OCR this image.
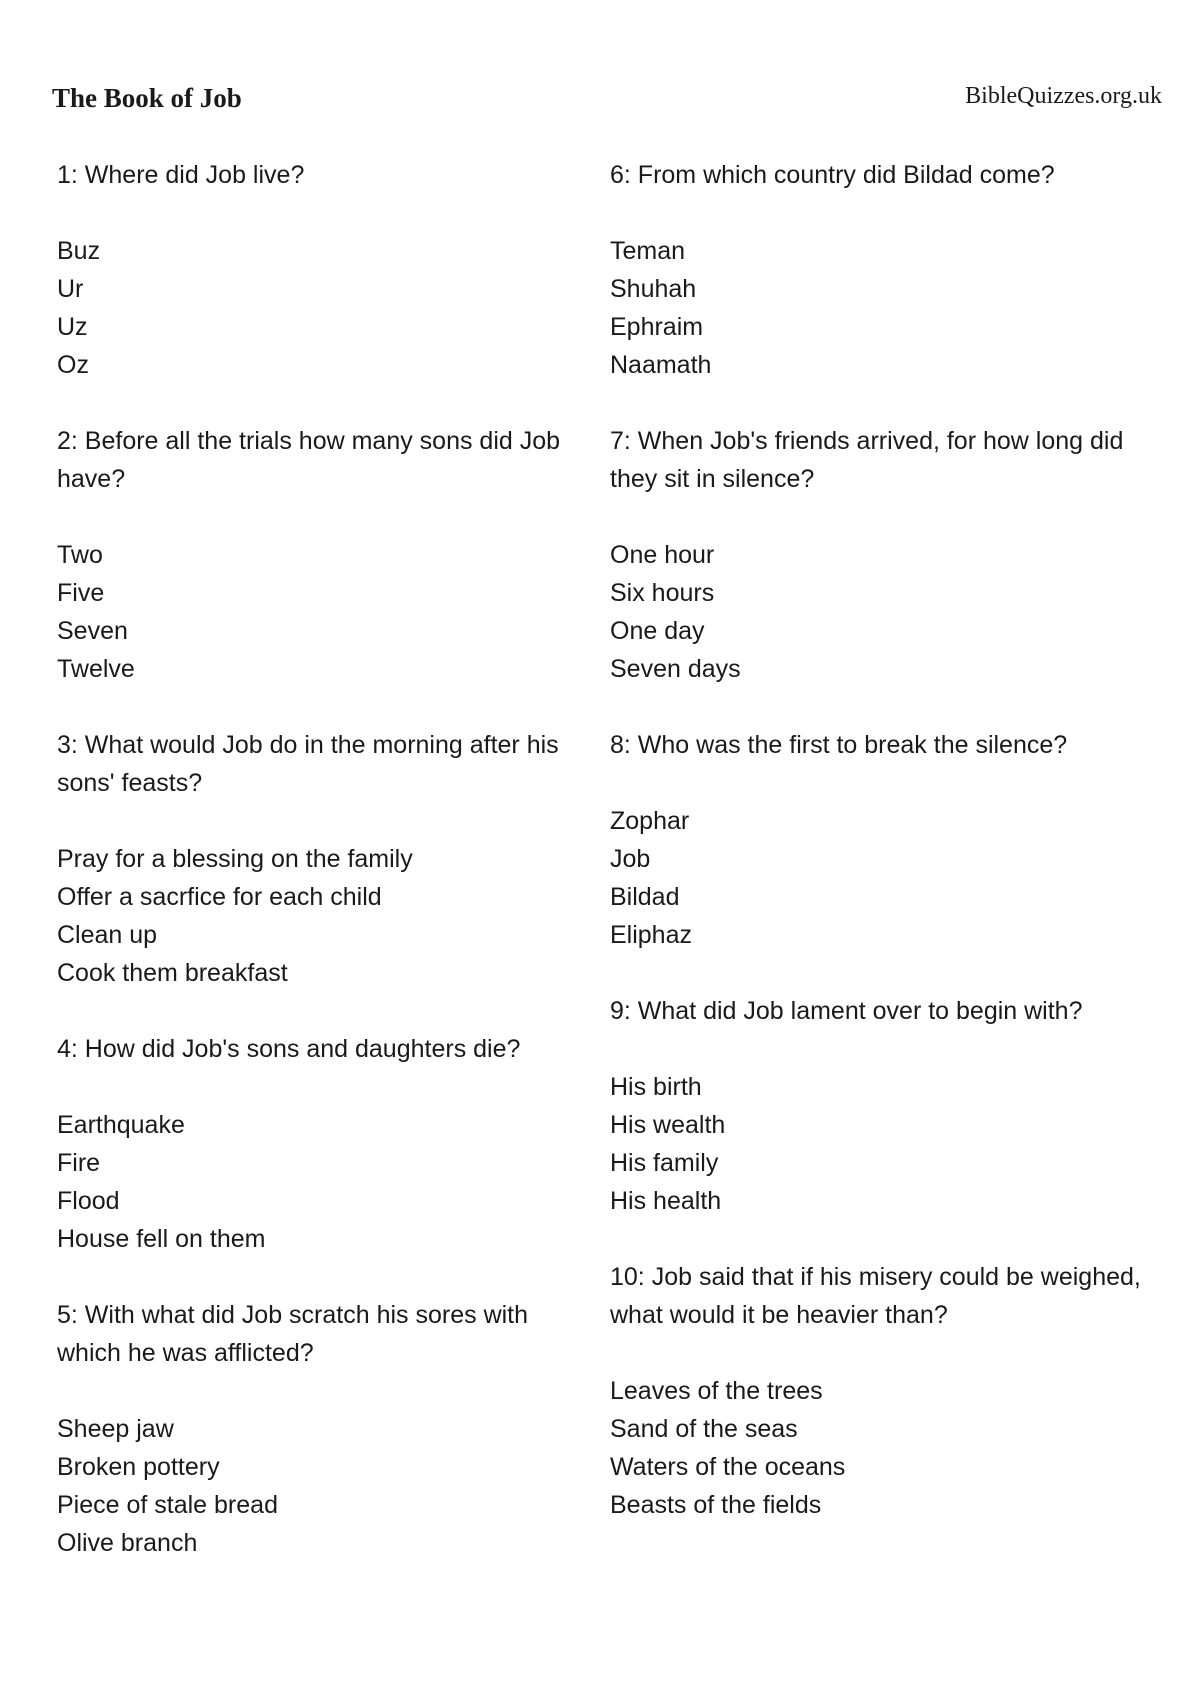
The Book of Job	BibleQuizzes.org.uk

1: Where did Job live?

Buz
Ur
Uz
Oz

2: Before all the trials how many sons did Job have?

Two
Five
Seven
Twelve

3: What would Job do in the morning after his sons' feasts?

Pray for a blessing on the family
Offer a sacrfice for each child
Clean up
Cook them breakfast

4: How did Job's sons and daughters die?

Earthquake
Fire
Flood
House fell on them

5: With what did Job scratch his sores with which he was afflicted?

Sheep jaw
Broken pottery
Piece of stale bread
Olive branch

6: From which country did Bildad come?

Teman
Shuhah
Ephraim
Naamath

7: When Job's friends arrived, for how long did they sit in silence?

One hour
Six hours
One day
Seven days

8: Who was the first to break the silence?

Zophar
Job
Bildad
Eliphaz

9: What did Job lament over to begin with?

His birth
His wealth
His family
His health

10: Job said that if his misery could be weighed, what would it be heavier than?

Leaves of the trees
Sand of the seas
Waters of the oceans
Beasts of the fields
